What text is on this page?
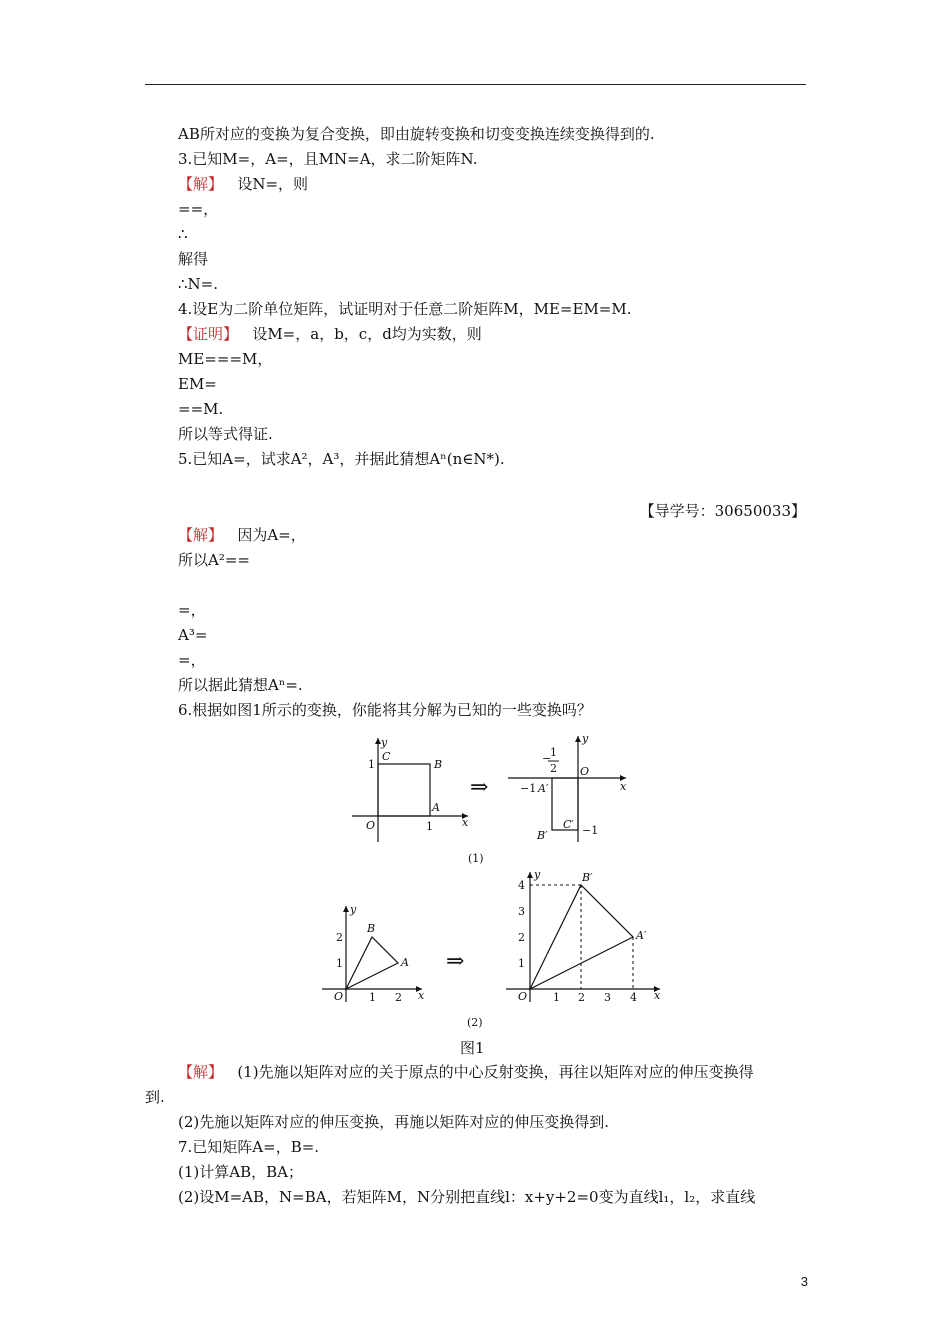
AB所对应的变换为复合变换，即由旋转变换和切变变换连续变换得到的.
3.已知M=，A=，且MN=A，求二阶矩阵N.
【解】 设N=，则
==，
∴
解得
∴N=.
4.设E为二阶单位矩阵，试证明对于任意二阶矩阵M，ME=EM=M.
【证明】 设M=，a，b，c，d均为实数，则
ME===M，
EM=
==M.
所以等式得证.
5.已知A=，试求A²，A³，并据此猜想Aⁿ(n∈N*).
【导学号：30650033】
【解】 因为A=，
所以A²==
=，
A³=
=，
所以据此猜想Aⁿ=.
6.根据如图1所示的变换，你能将其分解为已知的一些变换吗？
y
x
O	1
1
A
B
C
y
x
O
−1
−1
−
1
2
A′
B′
C′
y
x
O
2
1
1 2
A
B
y
x
O
4
3
2
1
1 2 3 4
A′
B′
⇒
⇒
(1)
(2)
图1
【解】 (1)先施以矩阵对应的关于原点的中心反射变换，再往以矩阵对应的伸压变换得
到.
(2)先施以矩阵对应的伸压变换，再施以矩阵对应的伸压变换得到.
7.已知矩阵A=，B=.
(1)计算AB，BA；
(2)设M=AB，N=BA，若矩阵M，N分别把直线l：x+y+2=0变为直线l₁，l₂，求直线
3
